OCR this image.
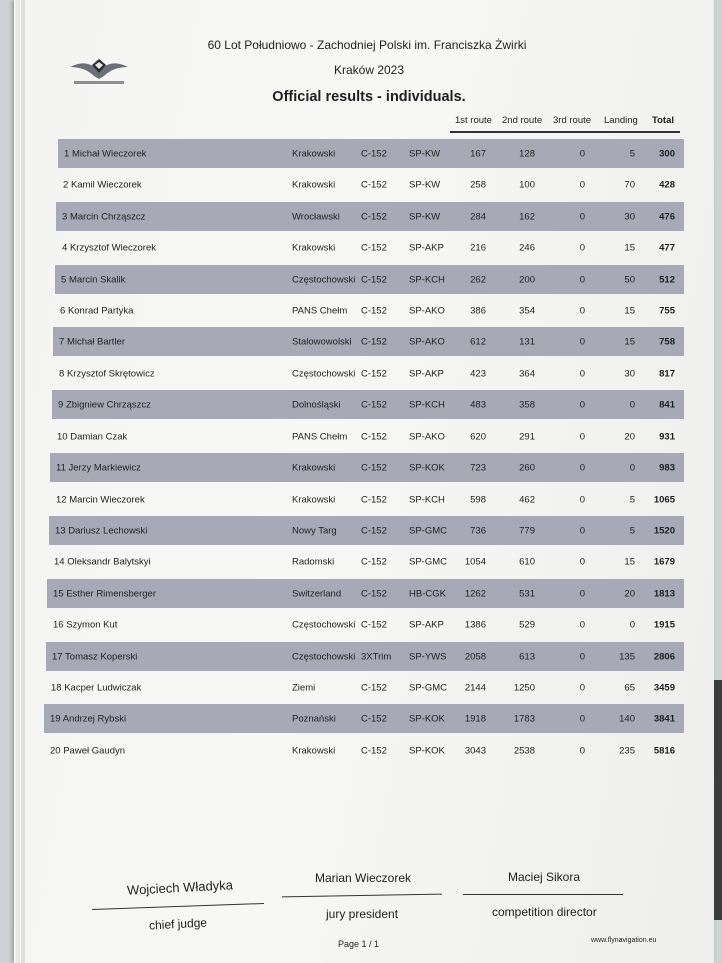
60 Lot Południowo - Zachodniej Polski im. Franciszka Żwirki
Kraków 2023
Official results - individuals.
1st route 2nd route 3rd route Landing Total
1 Michał Wieczorek	Krakowski	C-152 SP-KW	167	128	0	5	300
2 Kamil Wieczorek	Krakowski	C-152 SP-KW	258	100	0	70	428
3 Marcin Chrząszcz	Wrocławski C-152 SP-KW	284	162	0	30	476
4 Krzysztof Wieczorek	Krakowski	C-152 SP-AKP	216	246	0	15	477
5 Marcin Skalik	Częstochowski C-152 SP-KCH	262	200	0	50	512
6 Konrad Partyka	PANS Chełm C-152 SP-AKO	386	354	0	15	755
7 Michał Bartler	Stalowowolski C-152 SP-AKO	612	131	0	15	758
8 Krzysztof Skrętowicz	Częstochowski C-152 SP-AKP	423	364	0	30	817
9 Zbigniew Chrząszcz	Dolnośląski C-152 SP-KCH	483	358	0	0	841
10 Damian Czak	PANS Chełm C-152 SP-AKO	620	291	0	20	931
11 Jerzy Markiewicz	Krakowski	C-152 SP-KOK	723	260	0	0	983
12 Marcin Wieczorek	Krakowski	C-152 SP-KCH	598	462	0	5 1065
13 Dariusz Lechowski	Nowy Targ	C-152 SP-GMC 736	779	0	5 1520
14 Oleksandr Balytskyi	Radomski	C-152 SP-GMC 1054	610	0	15 1679
15 Esther Rimensberger	Switzerland C-152 HB-CGK 1262	531	0	20 1813
16 Szymon Kut	Częstochowski C-152 SP-AKP 1386	529	0	0 1915
17 Tomasz Koperski	Częstochowski 3XTrim SP-YWS 2058	613	0	135 2806
18 Kacper Ludwiczak	Ziemi	C-152 SP-GMC 2144	1250	0	65 3459
19 Andrzej Rybski	Poznański	C-152 SP-KOK 1918	1783	0	140 3841
20 Paweł Gaudyn	Krakowski	C-152 SP-KOK 3043	2538	0	235 5816
Wojciech Władyka
chief judge
Marian Wieczorek
jury president
Maciej Sikora
competition director
Page 1 / 1	www.flynavigation.eu
